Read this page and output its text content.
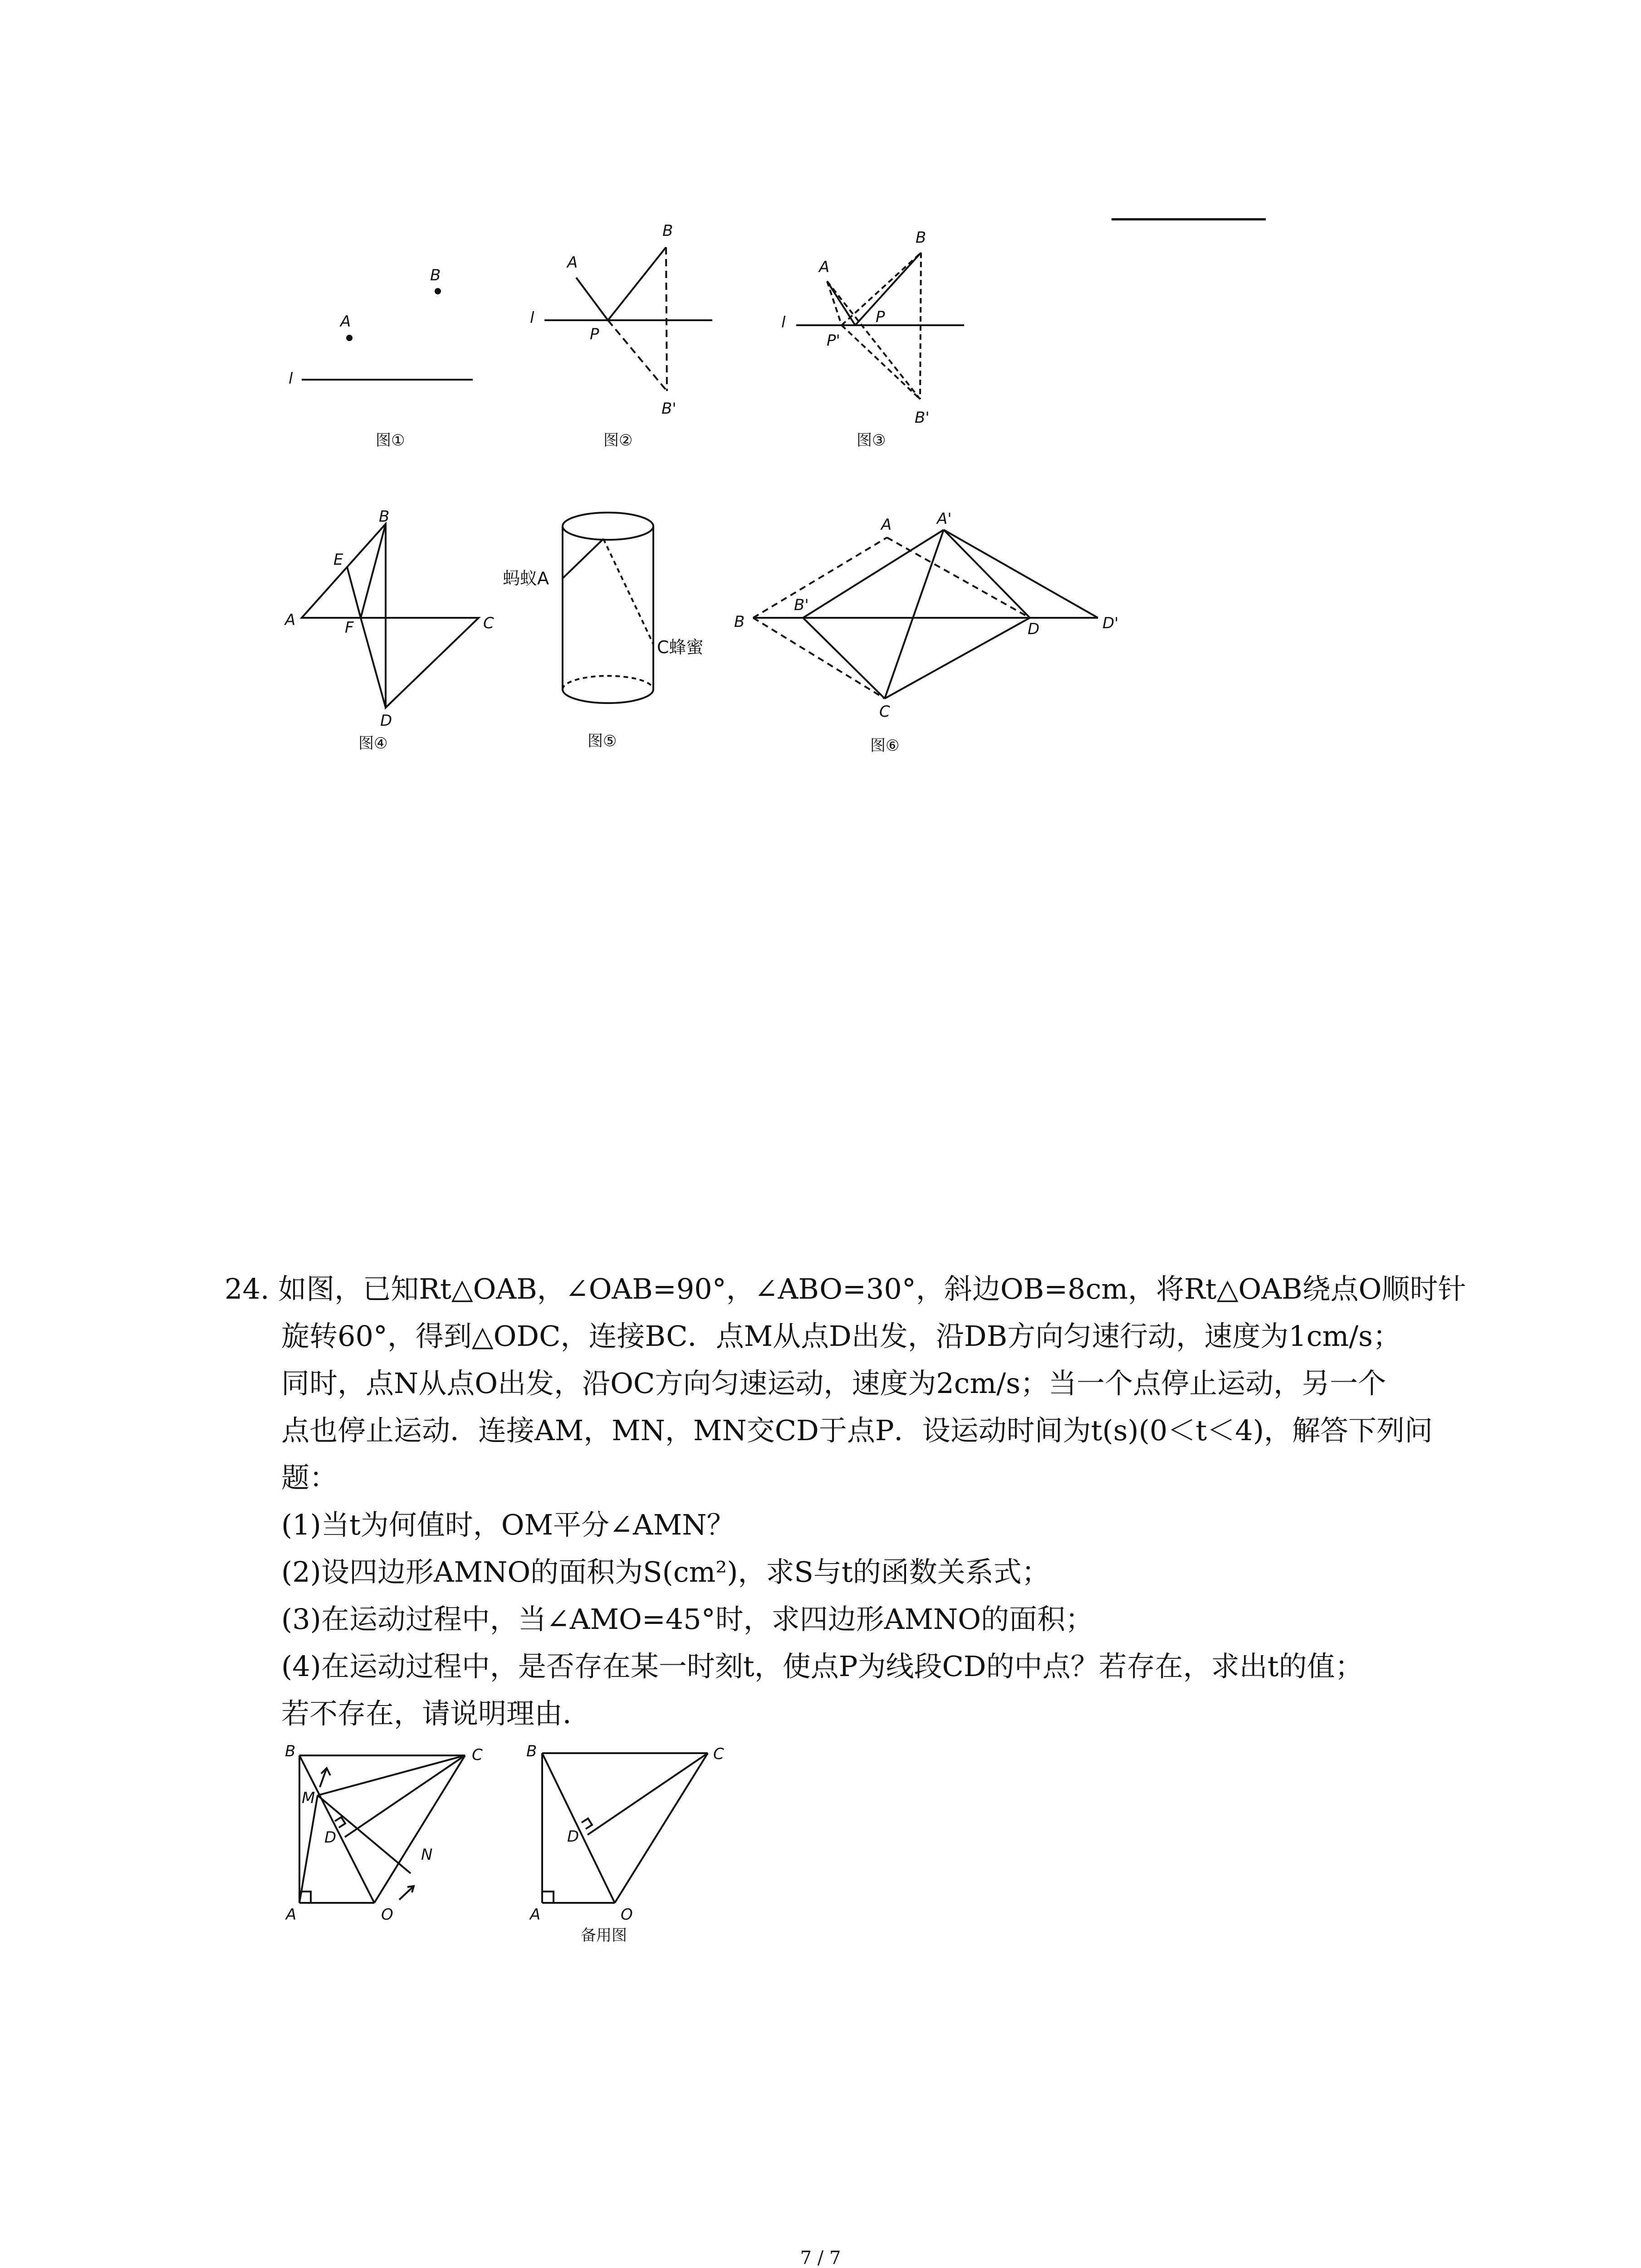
A
B
l
图①
A
B
P
B'
l
图②
A
B
P
P'
B'
l
图③
B
E
A	F	C
D
图④
蚂蚁A
C蜂蜜
图⑤
A	A'
B
B'
D	D'
C
图⑥

24. 如图，已知Rt△OAB，∠OAB=90°，∠ABO=30°，斜边OB=8cm，将Rt△OAB绕点O顺时针

旋转60°，得到△ODC，连接BC．点M从点D出发，沿DB方向匀速行动，速度为1cm/s；

同时，点N从点O出发，沿OC方向匀速运动，速度为2cm/s；当一个点停止运动，另一个

点也停止运动．连接AM，MN，MN交CD于点P．设运动时间为t(s)(0＜t＜4)，解答下列问

题：

(1)当t为何值时，OM平分∠AMN？

(2)设四边形AMNO的面积为S(cm²)，求S与t的函数关系式；

(3)在运动过程中，当∠AMO=45°时，求四边形AMNO的面积；

(4)在运动过程中，是否存在某一时刻t，使点P为线段CD的中点？若存在，求出t的值；

若不存在，请说明理由．

B	C
M
D
N
A	O
B	C
D
A	O
备用图
7 / 7
